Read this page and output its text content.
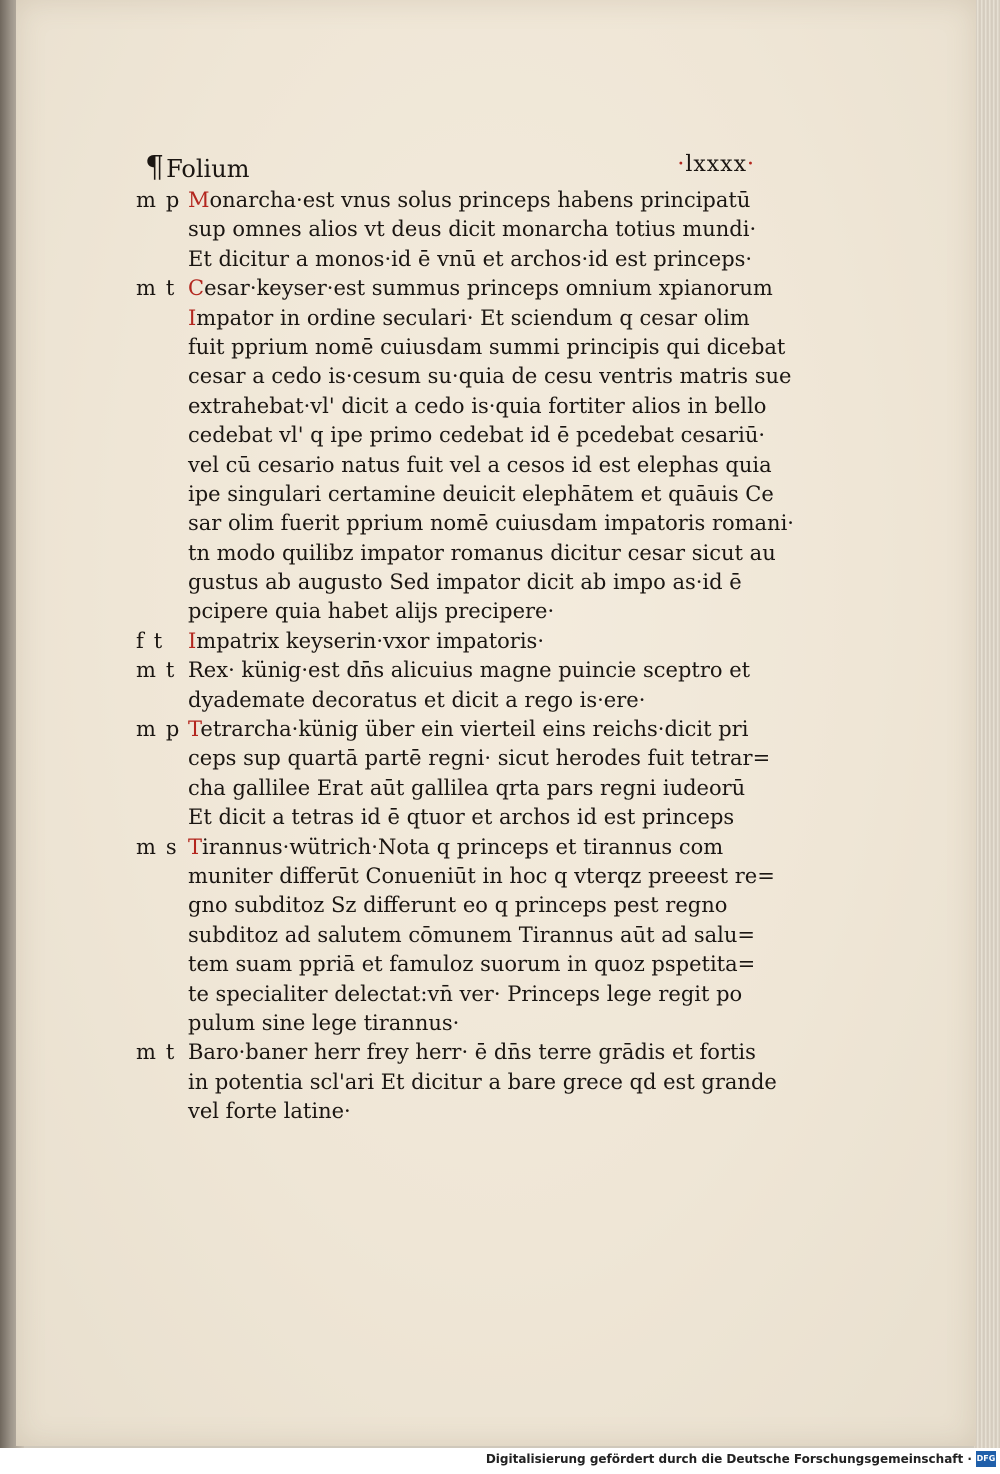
¶Folium	·lxxxx·
m p Monarcha·est vnus solus princeps habens principatū
sup omnes alios vt deus dicit monarcha totius mundi·
Et dicitur a monos·id ē vnū et archos·id est princeps·
m t Cesar·keyser·est summus princeps omnium xpianorum
Impator in ordine seculari· Et sciendum q cesar olim
fuit pprium nomē cuiusdam summi principis qui dicebat
cesar a cedo is·cesum su·quia de cesu ventris matris sue
extrahebat·vl' dicit a cedo is·quia fortiter alios in bello
cedebat vl' q ipe primo cedebat id ē pcedebat cesariū·
vel cū cesario natus fuit vel a cesos id est elephas quia
ipe singulari certamine deuicit elephātem et quāuis Ce
sar olim fuerit pprium nomē cuiusdam impatoris romani·
tn modo quilibz impator romanus dicitur cesar sicut au
gustus ab augusto Sed impator dicit ab impo as·id ē
pcipere quia habet alijs precipere·
f t Impatrix keyserin·vxor impatoris·
m t Rex· künig·est dn̄s alicuius magne puincie sceptro et
dyademate decoratus et dicit a rego is·ere·
m p Tetrarcha·künig über ein vierteil eins reichs·dicit pri
ceps sup quartā partē regni· sicut herodes fuit tetrar=
cha gallilee Erat aūt gallilea qrta pars regni iudeorū
Et dicit a tetras id ē qtuor et archos id est princeps
m s Tirannus·wütrich·Nota q princeps et tirannus com
muniter differūt Conueniūt in hoc q vterqz preeest re=
gno subditoz Sz differunt eo q princeps pest regno
subditoz ad salutem cōmunem Tirannus aūt ad salu=
tem suam ppriā et famuloz suorum in quoz pspetita=
te specialiter delectat:vn̄ ver· Princeps lege regit po
pulum sine lege tirannus·
m t Baro·baner herr frey herr· ē dn̄s terre grādis et fortis
in potentia scl'ari Et dicitur a bare grece qd est grande
vel forte latine·
Digitalisierung gefördert durch die Deutsche Forschungsgemeinschaft · DFG
